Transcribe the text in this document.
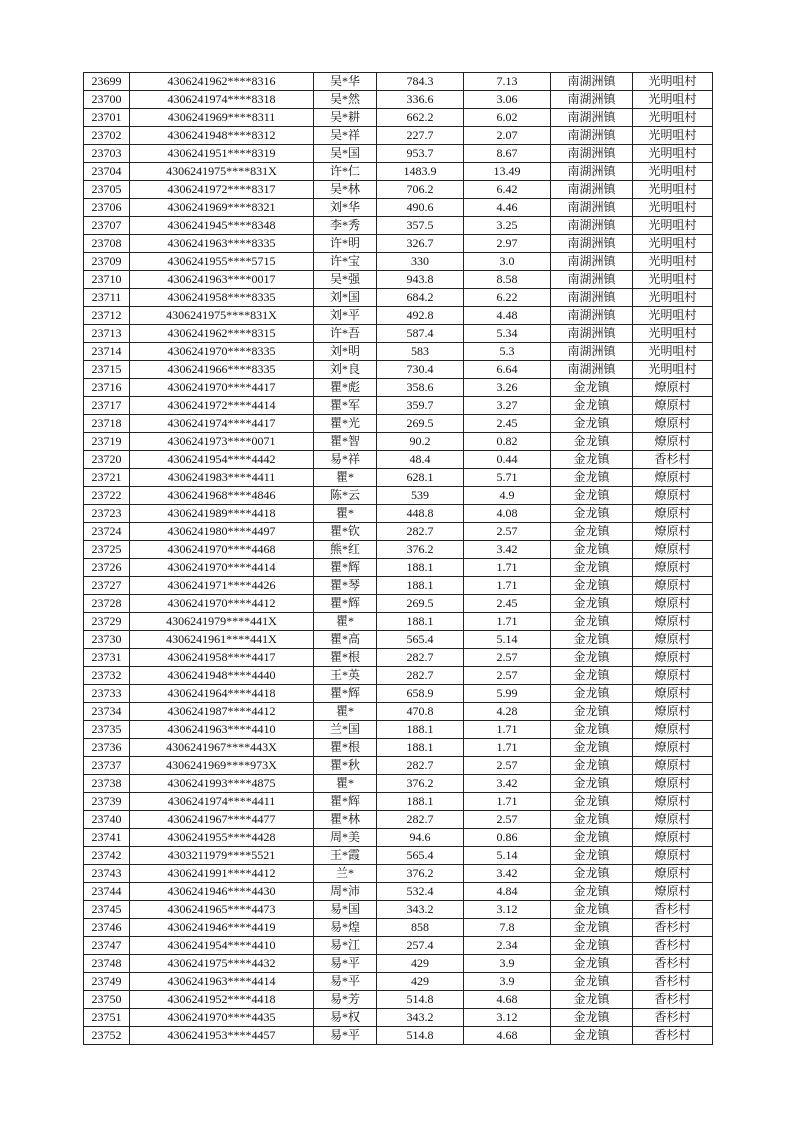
23699	4306241962****8316	吴*华	784.3	7.13	南湖洲镇	光明咀村
23700	4306241974****8318	吴*然	336.6	3.06	南湖洲镇	光明咀村
23701	4306241969****8311	吴*耕	662.2	6.02	南湖洲镇	光明咀村
23702	4306241948****8312	吴*祥	227.7	2.07	南湖洲镇	光明咀村
23703	4306241951****8319	吴*国	953.7	8.67	南湖洲镇	光明咀村
23704	4306241975****831X	许*仁	1483.9	13.49	南湖洲镇	光明咀村
23705	4306241972****8317	吴*林	706.2	6.42	南湖洲镇	光明咀村
23706	4306241969****8321	刘*华	490.6	4.46	南湖洲镇	光明咀村
23707	4306241945****8348	李*秀	357.5	3.25	南湖洲镇	光明咀村
23708	4306241963****8335	许*明	326.7	2.97	南湖洲镇	光明咀村
23709	4306241955****5715	许*宝	330	3.0	南湖洲镇	光明咀村
23710	4306241963****0017	吴*强	943.8	8.58	南湖洲镇	光明咀村
23711	4306241958****8335	刘*国	684.2	6.22	南湖洲镇	光明咀村
23712	4306241975****831X	刘*平	492.8	4.48	南湖洲镇	光明咀村
23713	4306241962****8315	许*吾	587.4	5.34	南湖洲镇	光明咀村
23714	4306241970****8335	刘*明	583	5.3	南湖洲镇	光明咀村
23715	4306241966****8335	刘*良	730.4	6.64	南湖洲镇	光明咀村
23716	4306241970****4417	瞿*彪	358.6	3.26	金龙镇	燎原村
23717	4306241972****4414	瞿*军	359.7	3.27	金龙镇	燎原村
23718	4306241974****4417	瞿*光	269.5	2.45	金龙镇	燎原村
23719	4306241973****0071	瞿*智	90.2	0.82	金龙镇	燎原村
23720	4306241954****4442	易*祥	48.4	0.44	金龙镇	香杉村
23721	4306241983****4411	瞿*	628.1	5.71	金龙镇	燎原村
23722	4306241968****4846	陈*云	539	4.9	金龙镇	燎原村
23723	4306241989****4418	瞿*	448.8	4.08	金龙镇	燎原村
23724	4306241980****4497	瞿*钦	282.7	2.57	金龙镇	燎原村
23725	4306241970****4468	熊*红	376.2	3.42	金龙镇	燎原村
23726	4306241970****4414	瞿*辉	188.1	1.71	金龙镇	燎原村
23727	4306241971****4426	瞿*琴	188.1	1.71	金龙镇	燎原村
23728	4306241970****4412	瞿*辉	269.5	2.45	金龙镇	燎原村
23729	4306241979****441X	瞿*	188.1	1.71	金龙镇	燎原村
23730	4306241961****441X	瞿*高	565.4	5.14	金龙镇	燎原村
23731	4306241958****4417	瞿*根	282.7	2.57	金龙镇	燎原村
23732	4306241948****4440	王*英	282.7	2.57	金龙镇	燎原村
23733	4306241964****4418	瞿*辉	658.9	5.99	金龙镇	燎原村
23734	4306241987****4412	瞿*	470.8	4.28	金龙镇	燎原村
23735	4306241963****4410	兰*国	188.1	1.71	金龙镇	燎原村
23736	4306241967****443X	瞿*根	188.1	1.71	金龙镇	燎原村
23737	4306241969****973X	瞿*秋	282.7	2.57	金龙镇	燎原村
23738	4306241993****4875	瞿*	376.2	3.42	金龙镇	燎原村
23739	4306241974****4411	瞿*辉	188.1	1.71	金龙镇	燎原村
23740	4306241967****4477	瞿*林	282.7	2.57	金龙镇	燎原村
23741	4306241955****4428	周*美	94.6	0.86	金龙镇	燎原村
23742	4303211979****5521	王*霞	565.4	5.14	金龙镇	燎原村
23743	4306241991****4412	兰*	376.2	3.42	金龙镇	燎原村
23744	4306241946****4430	周*沛	532.4	4.84	金龙镇	燎原村
23745	4306241965****4473	易*国	343.2	3.12	金龙镇	香杉村
23746	4306241946****4419	易*煌	858	7.8	金龙镇	香杉村
23747	4306241954****4410	易*江	257.4	2.34	金龙镇	香杉村
23748	4306241975****4432	易*平	429	3.9	金龙镇	香杉村
23749	4306241963****4414	易*平	429	3.9	金龙镇	香杉村
23750	4306241952****4418	易*芳	514.8	4.68	金龙镇	香杉村
23751	4306241970****4435	易*权	343.2	3.12	金龙镇	香杉村
23752	4306241953****4457	易*平	514.8	4.68	金龙镇	香杉村
